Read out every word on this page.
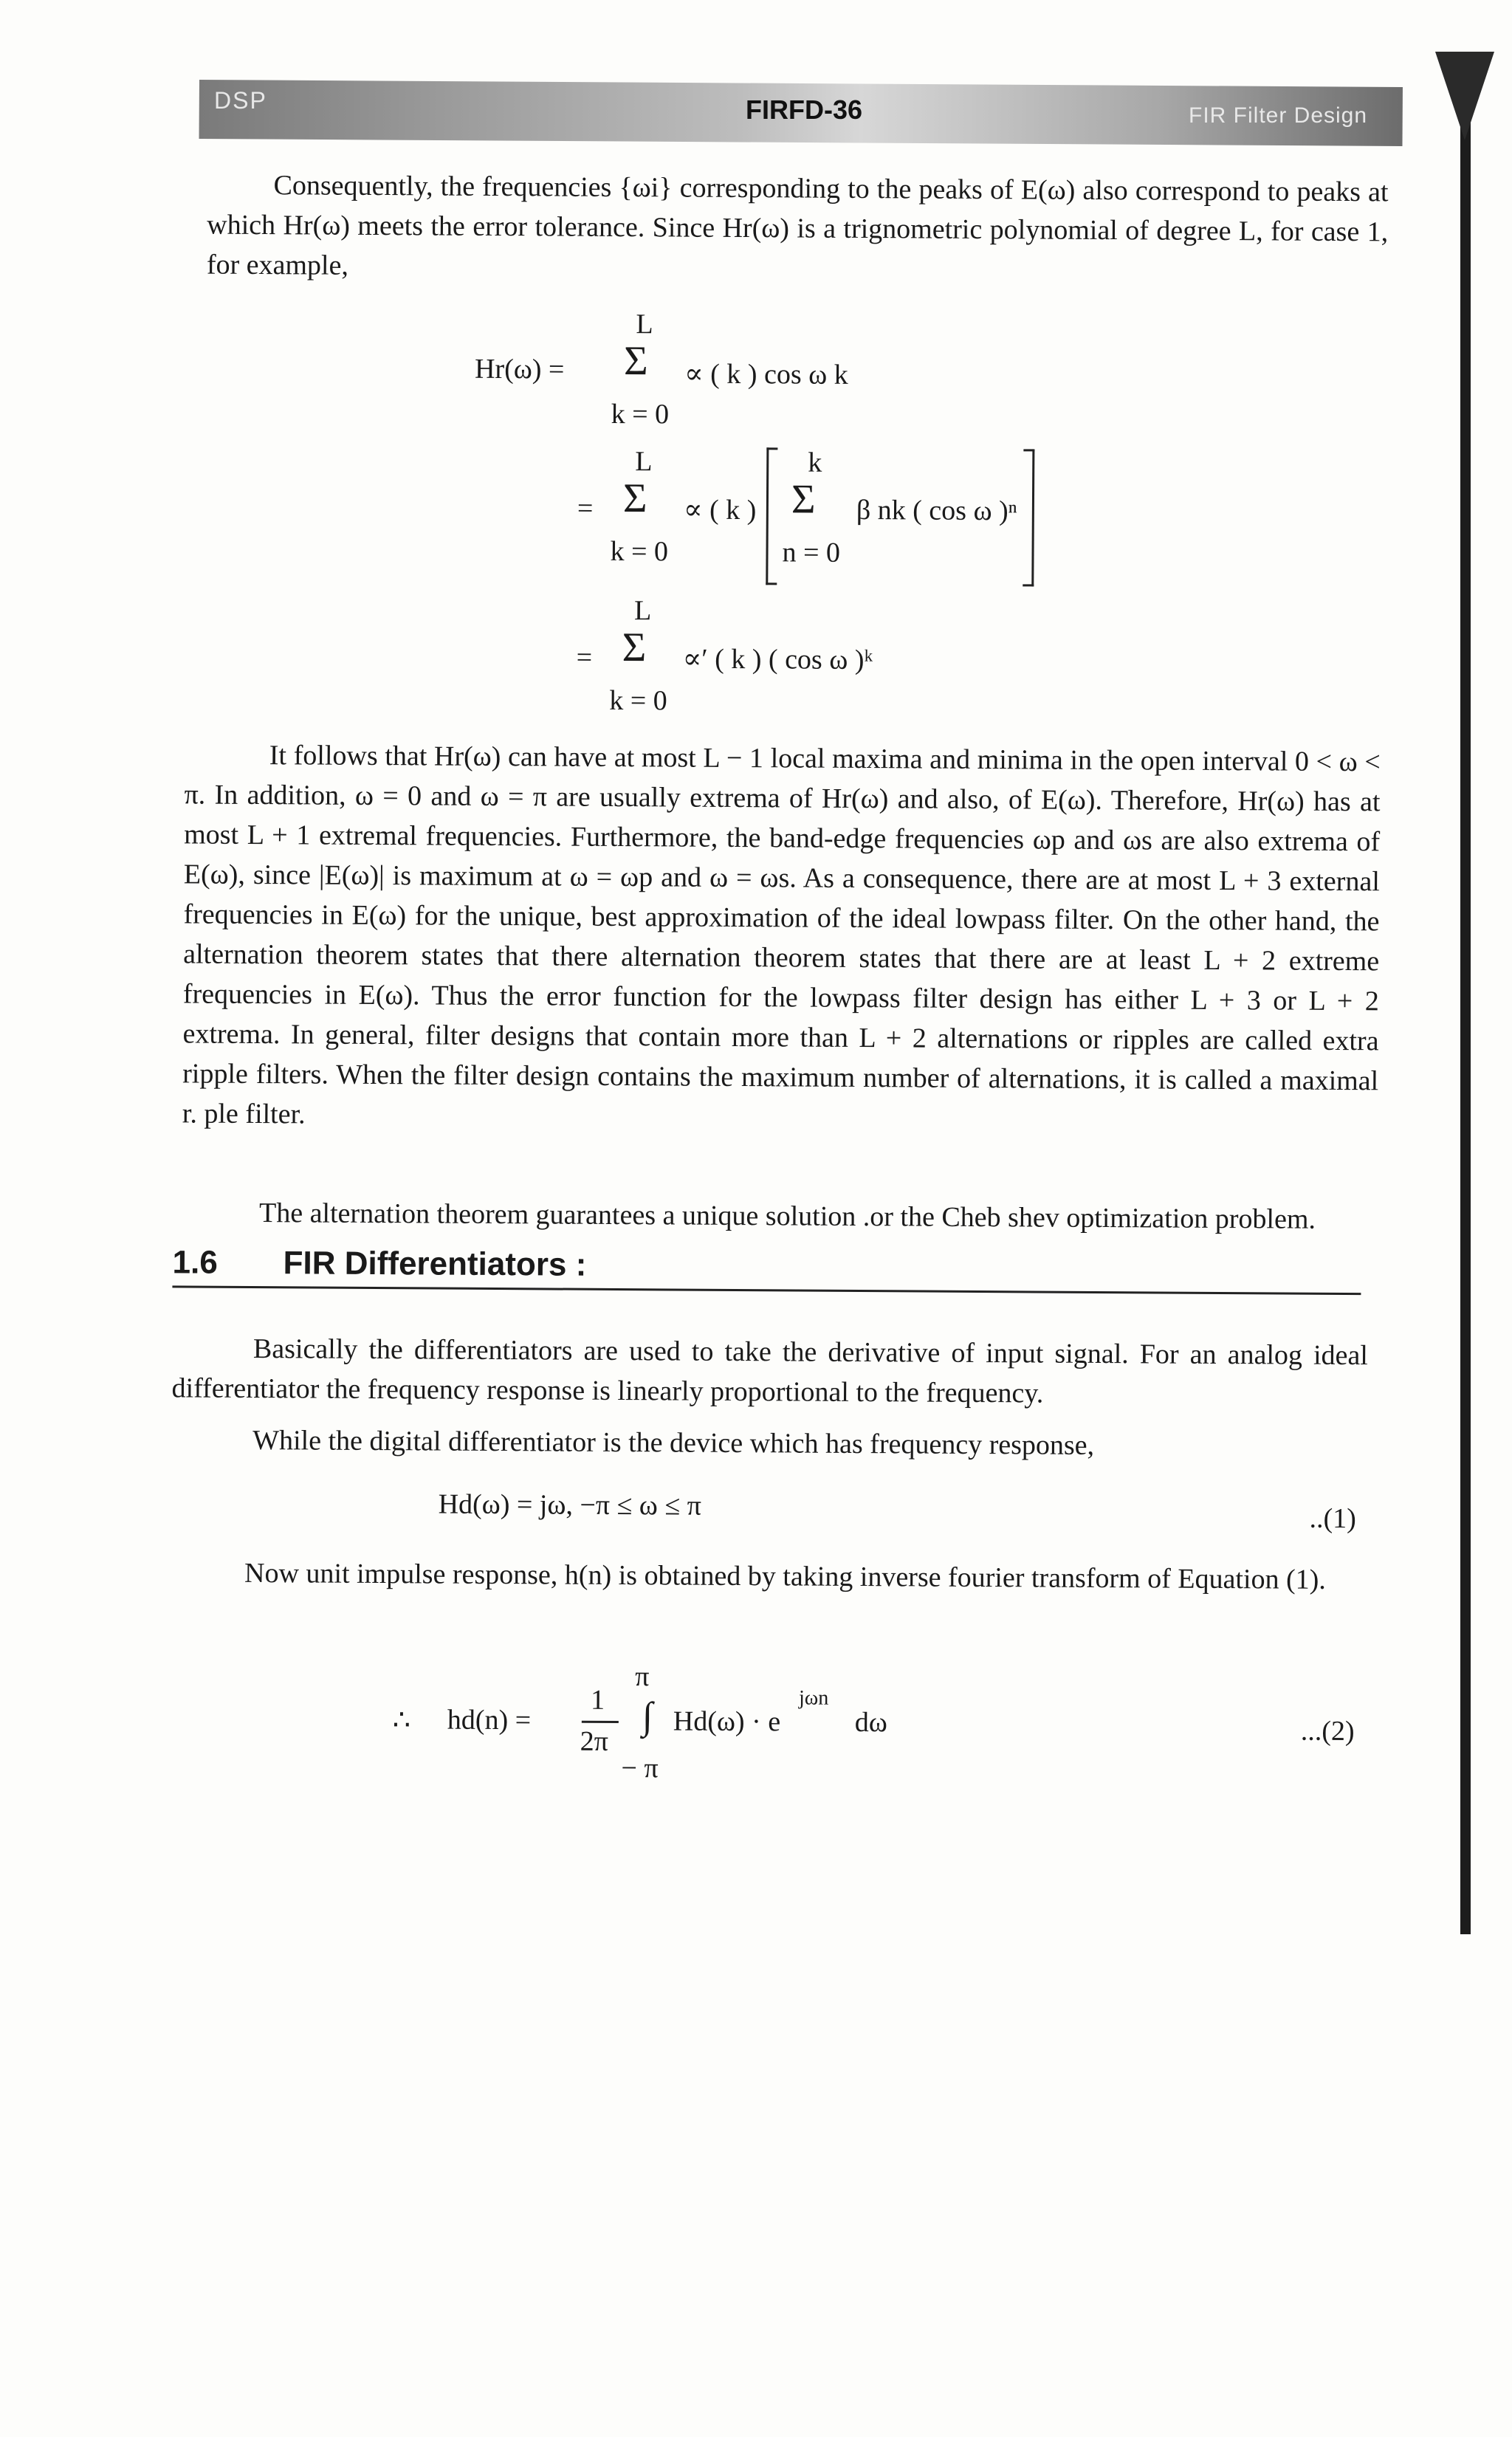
DSP	FIRFD-36	FIR Filter Design
Consequently, the frequencies {ωi} corresponding to the peaks of E(ω) also correspond to peaks at which Hr(ω) meets the error tolerance. Since Hr(ω) is a trignometric polynomial of degree L, for case 1, for example,
Hr(ω) =
L
Σ
k = 0
∝ ( k ) cos ω k
=
L
Σ
k = 0
∝ ( k )
k
Σ
n = 0
β nk ( cos ω )ⁿ
=
L
Σ
k = 0
∝′ ( k ) ( cos ω )ᵏ
It follows that Hr(ω) can have at most L − 1 local maxima and minima in the open interval 0 < ω < π. In addition, ω = 0 and ω = π are usually extrema of Hr(ω) and also, of E(ω). Therefore, Hr(ω) has at most L + 1 extremal frequencies. Furthermore, the band-edge frequencies ωp and ωs are also extrema of E(ω), since |E(ω)| is maximum at ω = ωp and ω = ωs. As a consequence, there are at most L + 3 external frequencies in E(ω) for the unique, best approximation of the ideal lowpass filter. On the other hand, the alternation theorem states that there alternation theorem states that there are at least L + 2 extreme frequencies in E(ω). Thus the error function for the lowpass filter design has either L + 3 or L + 2 extrema. In general, filter designs that contain more than L + 2 alternations or ripples are called extra ripple filters. When the filter design contains the maximum number of alternations, it is called a maximal r. ple filter.
The alternation theorem guarantees a unique solution .or the Cheb shev optimization problem.
1.6 FIR Differentiators :
Basically the differentiators are used to take the derivative of input signal. For an analog ideal differentiator the frequency response is linearly proportional to the frequency.
While the digital differentiator is the device which has frequency response,
Hd(ω) = jω, −π ≤ ω ≤ π	..(1)
Now unit impulse response, h(n) is obtained by taking inverse fourier transform of Equation (1).
∴ hd(n) =
1
2π
π
∫
− π
Hd(ω) · e
jωn
dω	...(2)
